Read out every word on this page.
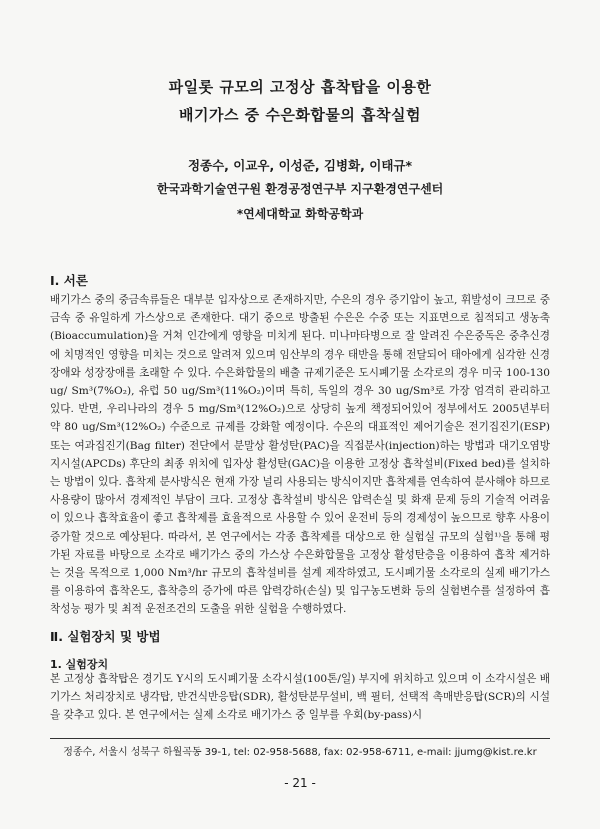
파일롯 규모의 고정상 흡착탑을 이용한
배기가스 중 수은화합물의 흡착실험
정종수, 이교우, 이성준, 김병화, 이태규*
한국과학기술연구원 환경공정연구부 지구환경연구센터
*연세대학교 화학공학과
Ⅰ. 서론
배기가스 중의 중금속류들은 대부분 입자상으로 존재하지만, 수은의 경우 증기압이 높고, 휘발성이 크므로 중금속 중 유일하게 가스상으로 존재한다. 대기 중으로 방출된 수은은 수중 또는 지표면으로 침적되고 생농축(Bioaccumulation)을 거쳐 인간에게 영향을 미치게 된다. 미나마타병으로 잘 알려진 수은중독은 중추신경에 치명적인 영향을 미치는 것으로 알려져 있으며 임산부의 경우 태반을 통해 전달되어 태아에게 심각한 신경장애와 성장장애를 초래할 수 있다. 수은화합물의 배출 규제기준은 도시폐기물 소각로의 경우 미국 100-130 ug/ Sm³(7%O₂), 유럽 50 ug/Sm³(11%O₂)이며 특히, 독일의 경우 30 ug/Sm³로 가장 엄격히 관리하고 있다. 반면, 우리나라의 경우 5 mg/Sm³(12%O₂)으로 상당히 높게 책정되어있어 정부에서도 2005년부터 약 80 ug/Sm³(12%O₂) 수준으로 규제를 강화할 예정이다. 수은의 대표적인 제어기술은 전기집진기(ESP) 또는 여과집진기(Bag filter) 전단에서 분말상 활성탄(PAC)을 직접분사(injection)하는 방법과 대기오염방지시설(APCDs) 후단의 최종 위치에 입자상 활성탄(GAC)을 이용한 고정상 흡착설비(Fixed bed)를 설치하는 방법이 있다. 흡착제 분사방식은 현재 가장 널리 사용되는 방식이지만 흡착제를 연속하여 분사해야 하므로 사용량이 많아서 경제적인 부담이 크다. 고정상 흡착설비 방식은 압력손실 및 화재 문제 등의 기술적 어려움이 있으나 흡착효율이 좋고 흡착제를 효율적으로 사용할 수 있어 운전비 등의 경제성이 높으므로 향후 사용이 증가할 것으로 예상된다. 따라서, 본 연구에서는 각종 흡착제를 대상으로 한 실험실 규모의 실험¹⁾을 통해 평가된 자료를 바탕으로 소각로 배기가스 중의 가스상 수은화합물을 고정상 활성탄층을 이용하여 흡착 제거하는 것을 목적으로 1,000 Nm³/hr 규모의 흡착설비를 설계 제작하였고, 도시폐기물 소각로의 실제 배기가스를 이용하여 흡착온도, 흡착층의 증가에 따른 압력강하(손실) 및 입구농도변화 등의 실험변수를 설정하여 흡착성능 평가 및 최적 운전조건의 도출을 위한 실험을 수행하였다.
Ⅱ. 실험장치 및 방법
1. 실험장치
본 고정상 흡착탑은 경기도 Y시의 도시폐기물 소각시설(100톤/일) 부지에 위치하고 있으며 이 소각시설은 배기가스 처리장치로 냉각탑, 반건식반응탑(SDR), 활성탄분무설비, 백 필터, 선택적 촉매반응탑(SCR)의 시설을 갖추고 있다. 본 연구에서는 실제 소각로 배기가스 중 일부를 우회(by-pass)시
정종수, 서울시 성북구 하월곡동 39-1, tel: 02-958-5688, fax: 02-958-6711, e-mail: jjumg@kist.re.kr
- 21 -
